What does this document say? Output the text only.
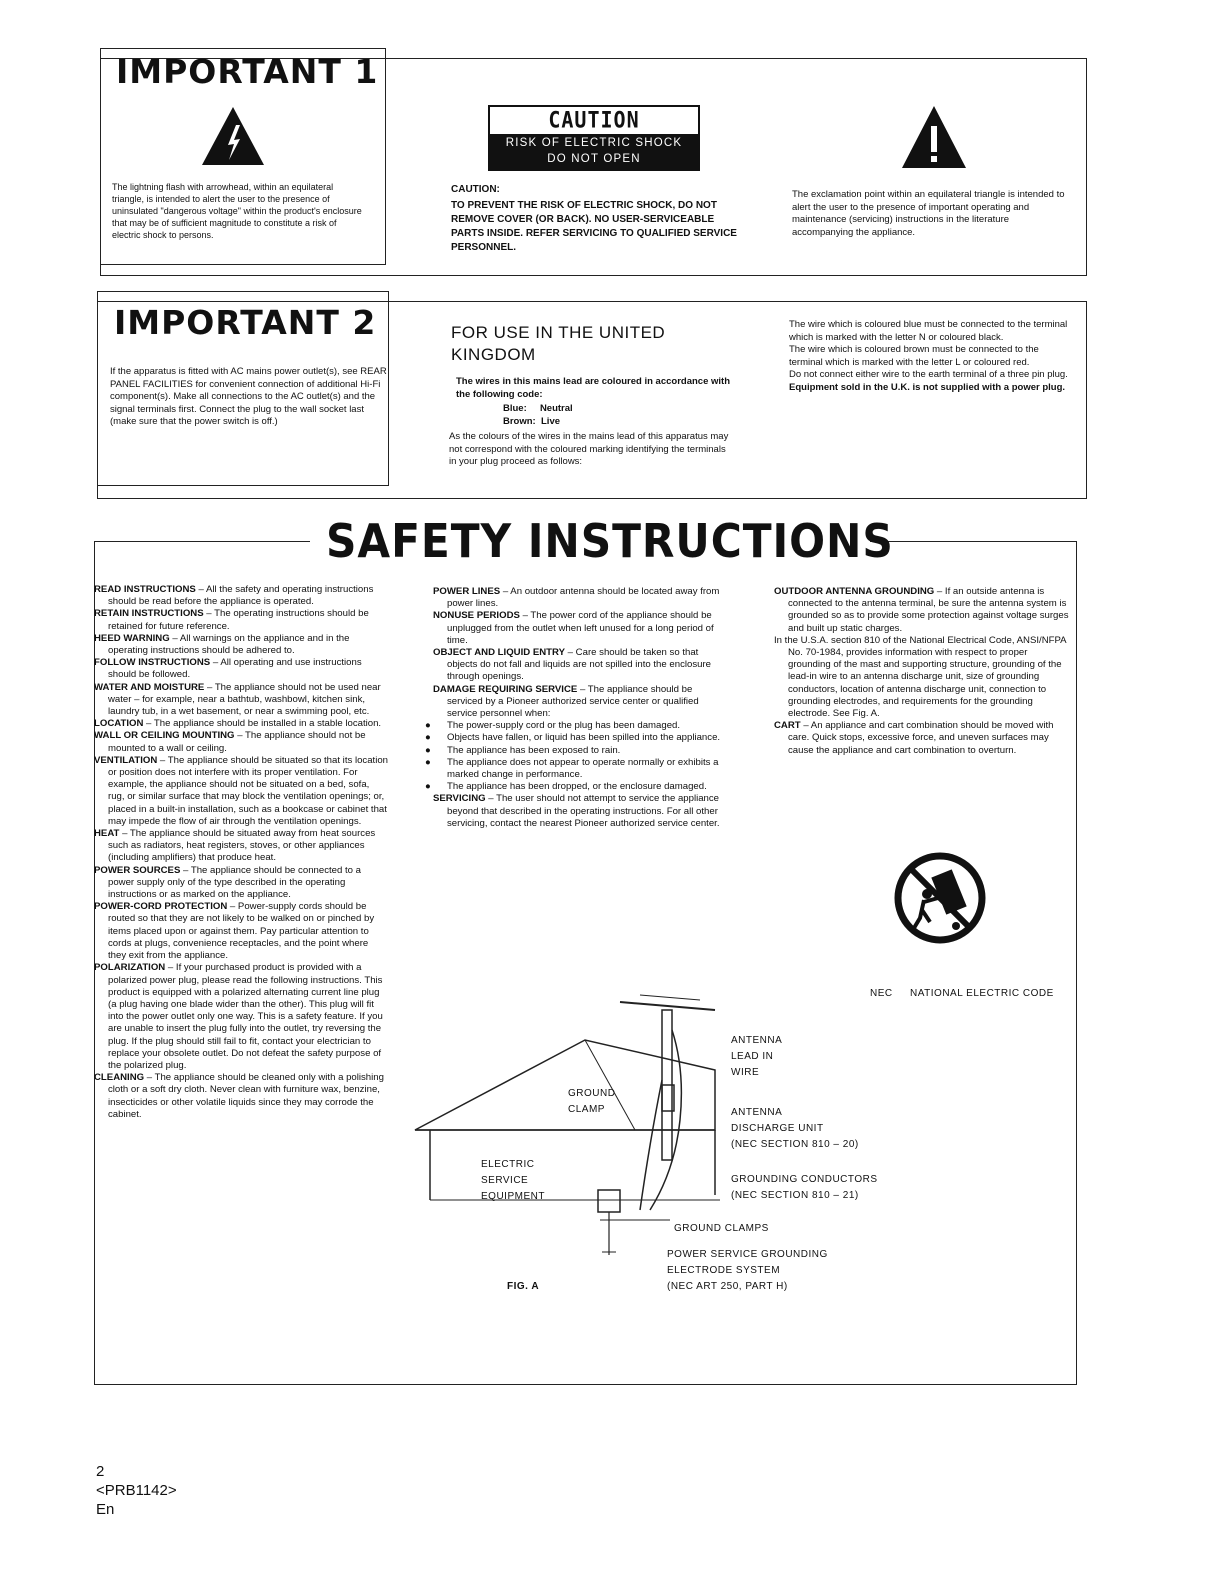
IMPORTANT 1
The lightning flash with arrowhead, within an equilateral triangle, is intended to alert the user to the presence of uninsulated "dangerous voltage" within the product's enclosure that may be of sufficient magnitude to constitute a risk of electric shock to persons.
CAUTION
RISK OF ELECTRIC SHOCK
DO NOT OPEN
CAUTION:
TO PREVENT THE RISK OF ELECTRIC SHOCK, DO NOT REMOVE COVER (OR BACK). NO USER-SERVICEABLE PARTS INSIDE. REFER SERVICING TO QUALIFIED SERVICE PERSONNEL.
The exclamation point within an equilateral triangle is intended to alert the user to the presence of important operating and maintenance (servicing) instructions in the literature accompanying the appliance.
IMPORTANT 2
If the apparatus is fitted with AC mains power outlet(s), see REAR PANEL FACILITIES for convenient connection of additional Hi-Fi component(s). Make all connections to the AC outlet(s) and the signal terminals first. Connect the plug to the wall socket last (make sure that the power switch is off.)
FOR USE IN THE UNITED KINGDOM
The wires in this mains lead are coloured in accordance with the following code:
Blue:     Neutral
Brown:  Live
As the colours of the wires in the mains lead of this apparatus may not correspond with the coloured marking identifying the terminals in your plug proceed as follows:
The wire which is coloured blue must be connected to the terminal which is marked with the letter N or coloured black.
The wire which is coloured brown must be connected to the terminal which is marked with the letter L or coloured red.
Do not connect either wire to the earth terminal of a three pin plug.
Equipment sold in the U.K. is not supplied with a power plug.
SAFETY INSTRUCTIONS

READ INSTRUCTIONS – All the safety and operating instructions should be read before the appliance is operated.

RETAIN INSTRUCTIONS – The operating instructions should be retained for future reference.

HEED WARNING – All warnings on the appliance and in the operating instructions should be adhered to.

FOLLOW INSTRUCTIONS – All operating and use instructions should be followed.

WATER AND MOISTURE – The appliance should not be used near water – for example, near a bathtub, washbowl, kitchen sink, laundry tub, in a wet basement, or near a swimming pool, etc.

LOCATION – The appliance should be installed in a stable location.

WALL OR CEILING MOUNTING – The appliance should not be mounted to a wall or ceiling.

VENTILATION – The appliance should be situated so that its location or position does not interfere with its proper ventilation. For example, the appliance should not be situated on a bed, sofa, rug, or similar surface that may block the ventilation openings; or, placed in a built-in installation, such as a bookcase or cabinet that may impede the flow of air through the ventilation openings.

HEAT – The appliance should be situated away from heat sources such as radiators, heat registers, stoves, or other appliances (including amplifiers) that produce heat.

POWER SOURCES – The appliance should be connected to a power supply only of the type described in the operating instructions or as marked on the appliance.

POWER-CORD PROTECTION – Power-supply cords should be routed so that they are not likely to be walked on or pinched by items placed upon or against them. Pay particular attention to cords at plugs, convenience receptacles, and the point where they exit from the appliance.

POLARIZATION – If your purchased product is provided with a polarized power plug, please read the following instructions. This product is equipped with a polarized alternating current line plug (a plug having one blade wider than the other). This plug will fit into the power outlet only one way. This is a safety feature. If you are unable to insert the plug fully into the outlet, try reversing the plug. If the plug should still fail to fit, contact your electrician to replace your obsolete outlet. Do not defeat the safety purpose of the polarized plug.

CLEANING – The appliance should be cleaned only with a polishing cloth or a soft dry cloth. Never clean with furniture wax, benzine, insecticides or other volatile liquids since they may corrode the cabinet.

POWER LINES – An outdoor antenna should be located away from power lines.

NONUSE PERIODS – The power cord of the appliance should be unplugged from the outlet when left unused for a long period of time.

OBJECT AND LIQUID ENTRY – Care should be taken so that objects do not fall and liquids are not spilled into the enclosure through openings.

DAMAGE REQUIRING SERVICE – The appliance should be serviced by a Pioneer authorized service center or qualified service personnel when:

● The power-supply cord or the plug has been damaged.

● Objects have fallen, or liquid has been spilled into the appliance.

● The appliance has been exposed to rain.

● The appliance does not appear to operate normally or exhibits a marked change in performance.

● The appliance has been dropped, or the enclosure damaged.

SERVICING – The user should not attempt to service the appliance beyond that described in the operating instructions. For all other servicing, contact the nearest Pioneer authorized service center.

OUTDOOR ANTENNA GROUNDING – If an outside antenna is connected to the antenna terminal, be sure the antenna system is grounded so as to provide some protection against voltage surges and built up static charges.

In the U.S.A. section 810 of the National Electrical Code, ANSI/NFPA No. 70-1984, provides information with respect to proper grounding of the mast and supporting structure, grounding of the lead-in wire to an antenna discharge unit, size of grounding conductors, location of antenna discharge unit, connection to grounding electrodes, and requirements for the grounding electrode. See Fig. A.

CART – An appliance and cart combination should be moved with care. Quick stops, excessive force, and uneven surfaces may cause the appliance and cart combination to overturn.

NEC NATIONAL ELECTRIC CODE
ANTENNA
LEAD IN
WIRE
GROUND
CLAMP	ANTENNA
DISCHARGE UNIT
(NEC SECTION 810 – 20)
ELECTRIC
SERVICE
EQUIPMENT
GROUNDING CONDUCTORS
(NEC SECTION 810 – 21)
GROUND CLAMPS
POWER SERVICE GROUNDING
ELECTRODE SYSTEM
(NEC ART 250, PART H)
FIG. A
2
<PRB1142>
En
